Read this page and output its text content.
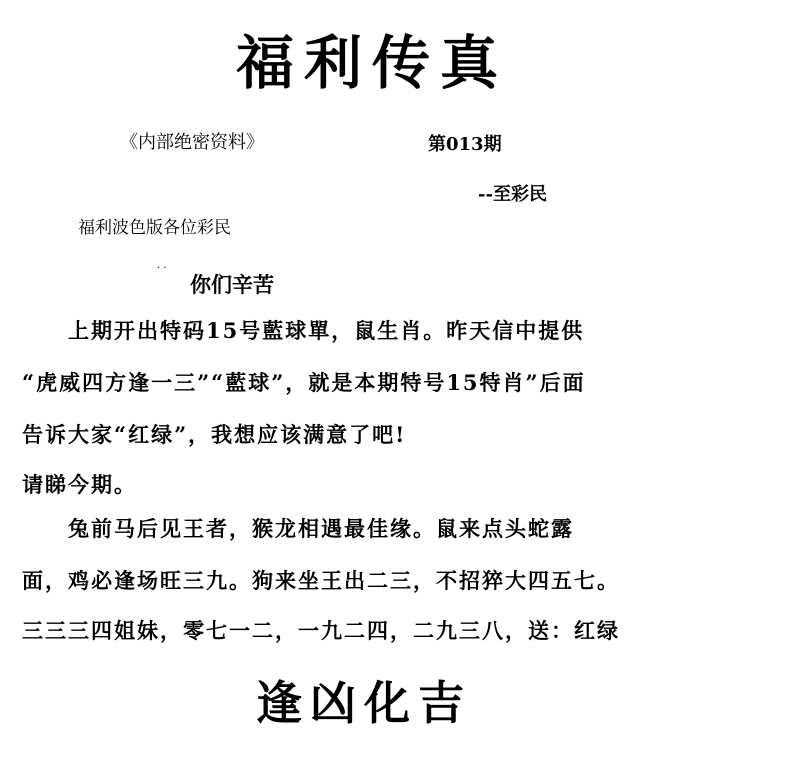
福利传真
《内部绝密资料》	第013期
--至彩民
福利波色版各位彩民
· ·
你们辛苦
　　上期开出特码15号藍球單，鼠生肖。昨天信中提供
“虎威四方逢一三”“藍球”，就是本期特号15特肖”后面
告诉大家“红绿”，我想应该满意了吧!
请睇今期。
　　兔前马后见王者，猴龙相遇最佳缘。鼠来点头蛇露
面，鸡必逢场旺三九。狗来坐王出二三，不招猝大四五七。
三三三四姐妹，零七一二，一九二四，二九三八，送：红绿
逢凶化吉
